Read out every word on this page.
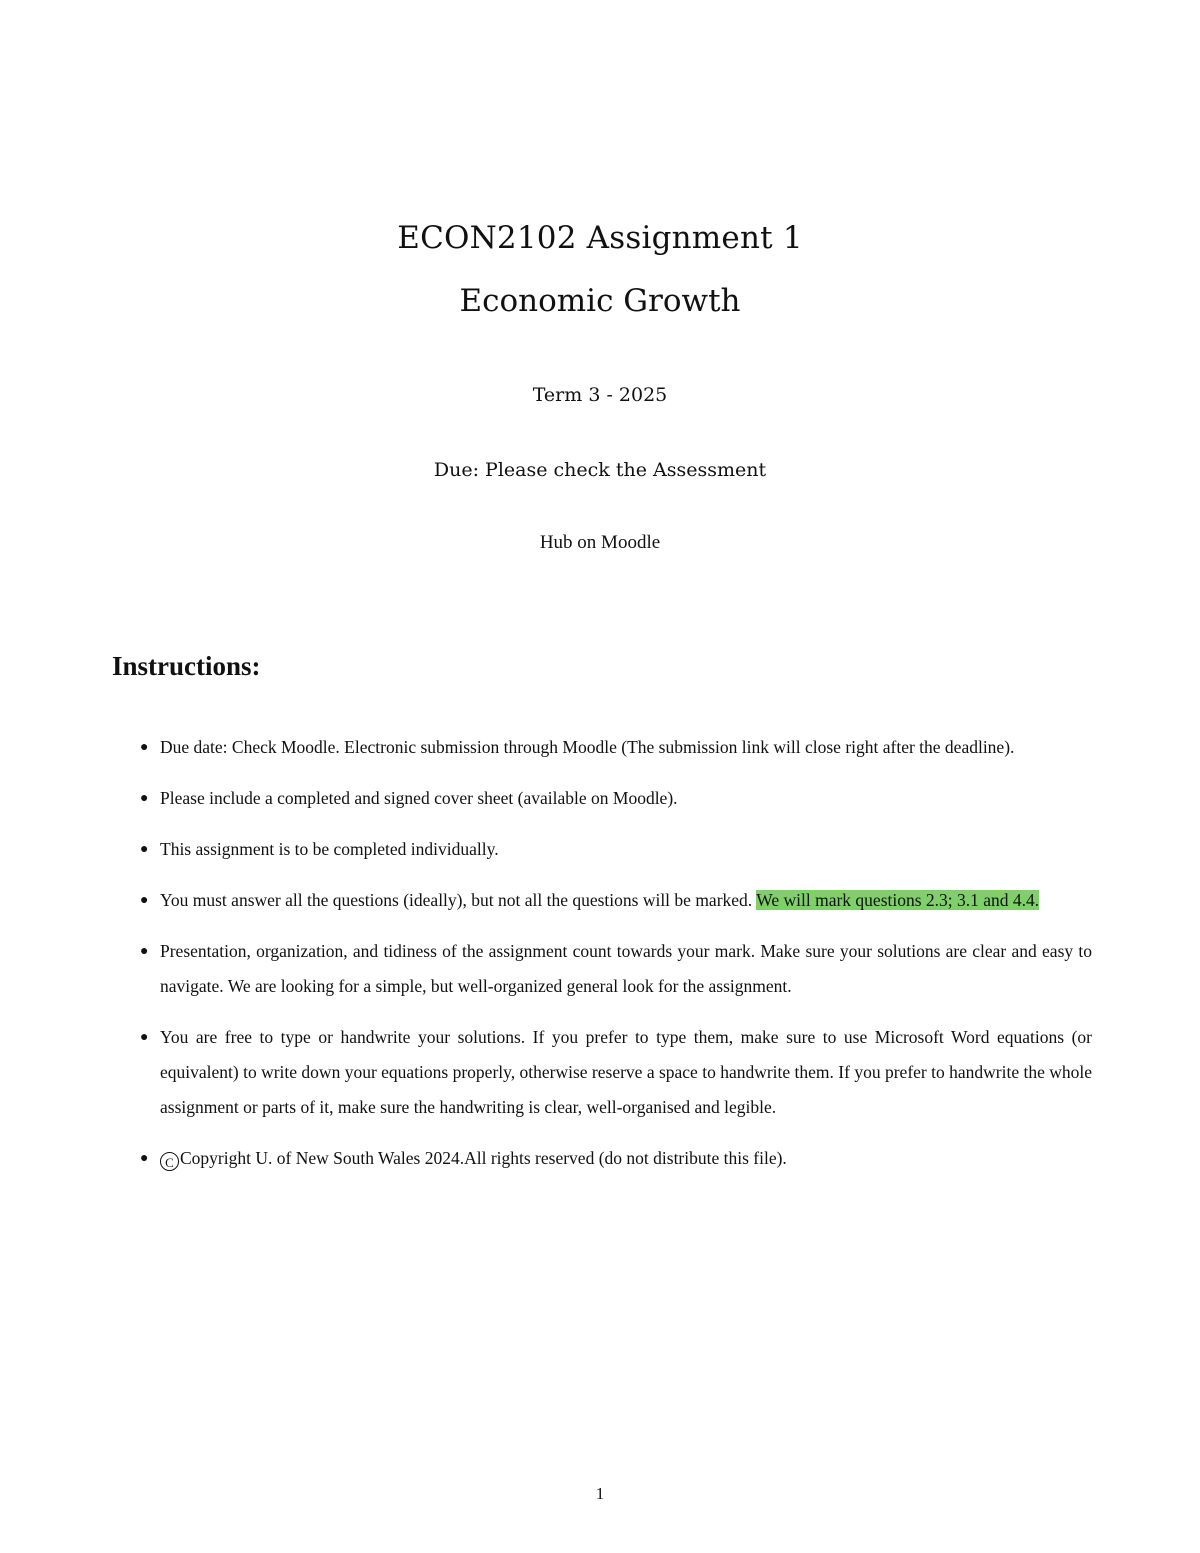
ECON2102 Assignment 1
Economic Growth
Term 3 - 2025
Due: Please check the Assessment
Hub on Moodle
Instructions:
● Due date: Check Moodle. Electronic submission through Moodle (The submission link will close right after the deadline).
● Please include a completed and signed cover sheet (available on Moodle).
● This assignment is to be completed individually.
● You must answer all the questions (ideally), but not all the questions will be marked. We will mark questions 2.3; 3.1 and 4.4.
● Presentation, organization, and tidiness of the assignment count towards your mark. Make sure your solutions are clear and easy to navigate. We are looking for a simple, but well-organized general look for the assignment.
● You are free to type or handwrite your solutions. If you prefer to type them, make sure to use Microsoft Word equations (or equivalent) to write down your equations properly, otherwise reserve a space to handwrite them. If you prefer to handwrite the whole assignment or parts of it, make sure the handwriting is clear, well-organised and legible.
● C Copyright U. of New South Wales 2024.All rights reserved (do not distribute this file).
1
